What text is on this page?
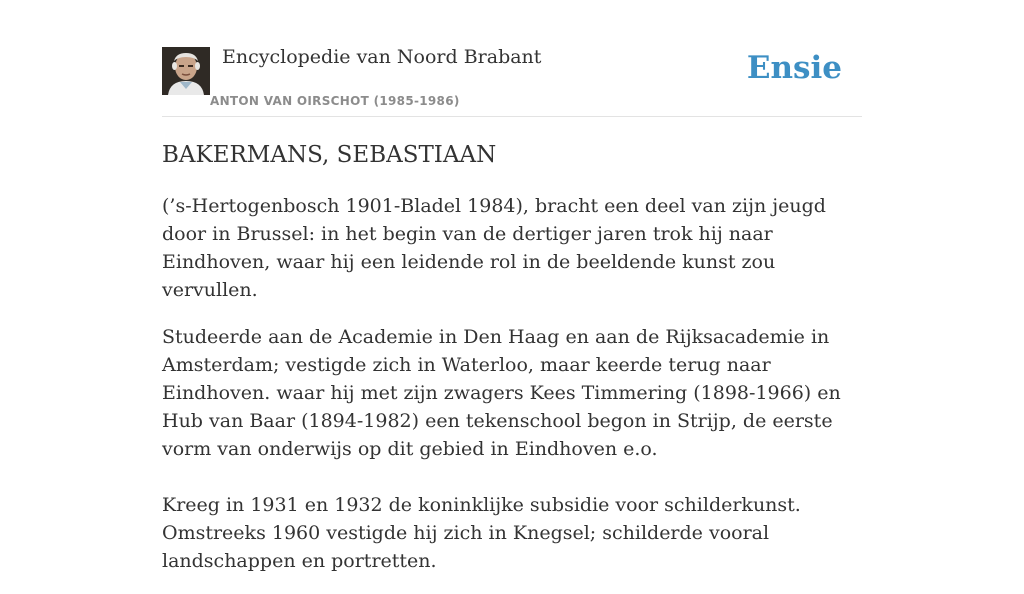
Encyclopedie van Noord Brabant
ANTON VAN OIRSCHOT (1985-1986)
Ensie
BAKERMANS, SEBASTIAAN

(’s-Hertogenbosch 1901-Bladel 1984), bracht een deel van zijn jeugd door in Brussel: in het begin van de dertiger jaren trok hij naar Eindhoven, waar hij een leidende rol in de beeldende kunst zou vervullen.

Studeerde aan de Academie in Den Haag en aan de Rijksacademie in Amsterdam; vestigde zich in Waterloo, maar keerde terug naar Eindhoven. waar hij met zijn zwagers Kees Timmering (1898-1966) en Hub van Baar (1894-1982) een tekenschool begon in Strijp, de eerste vorm van onderwijs op dit gebied in Eindhoven e.o.

Kreeg in 1931 en 1932 de koninklijke subsidie voor schilderkunst. Omstreeks 1960 vestigde hij zich in Knegsel; schilderde vooral landschappen en portretten.
